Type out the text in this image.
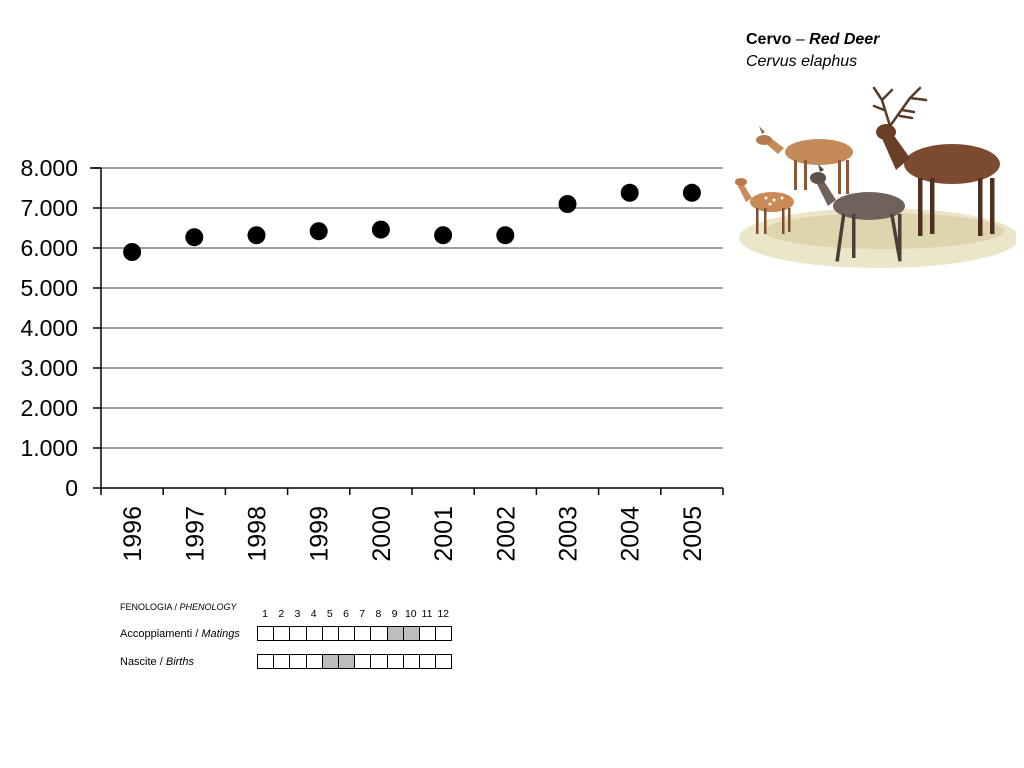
0
1.000
2.000
3.000
4.000
5.000
6.000
7.000
8.000
1996 1997 1998 1999 2000 2001 2002 2003 2004 2005
Cervo – Red Deer
Cervus elaphus
FENOLOGIA / PHENOLOGY
1 2 3 4 5 6 7 8 9 10 11 12
Accoppiamenti / Matings
Nascite / Births
